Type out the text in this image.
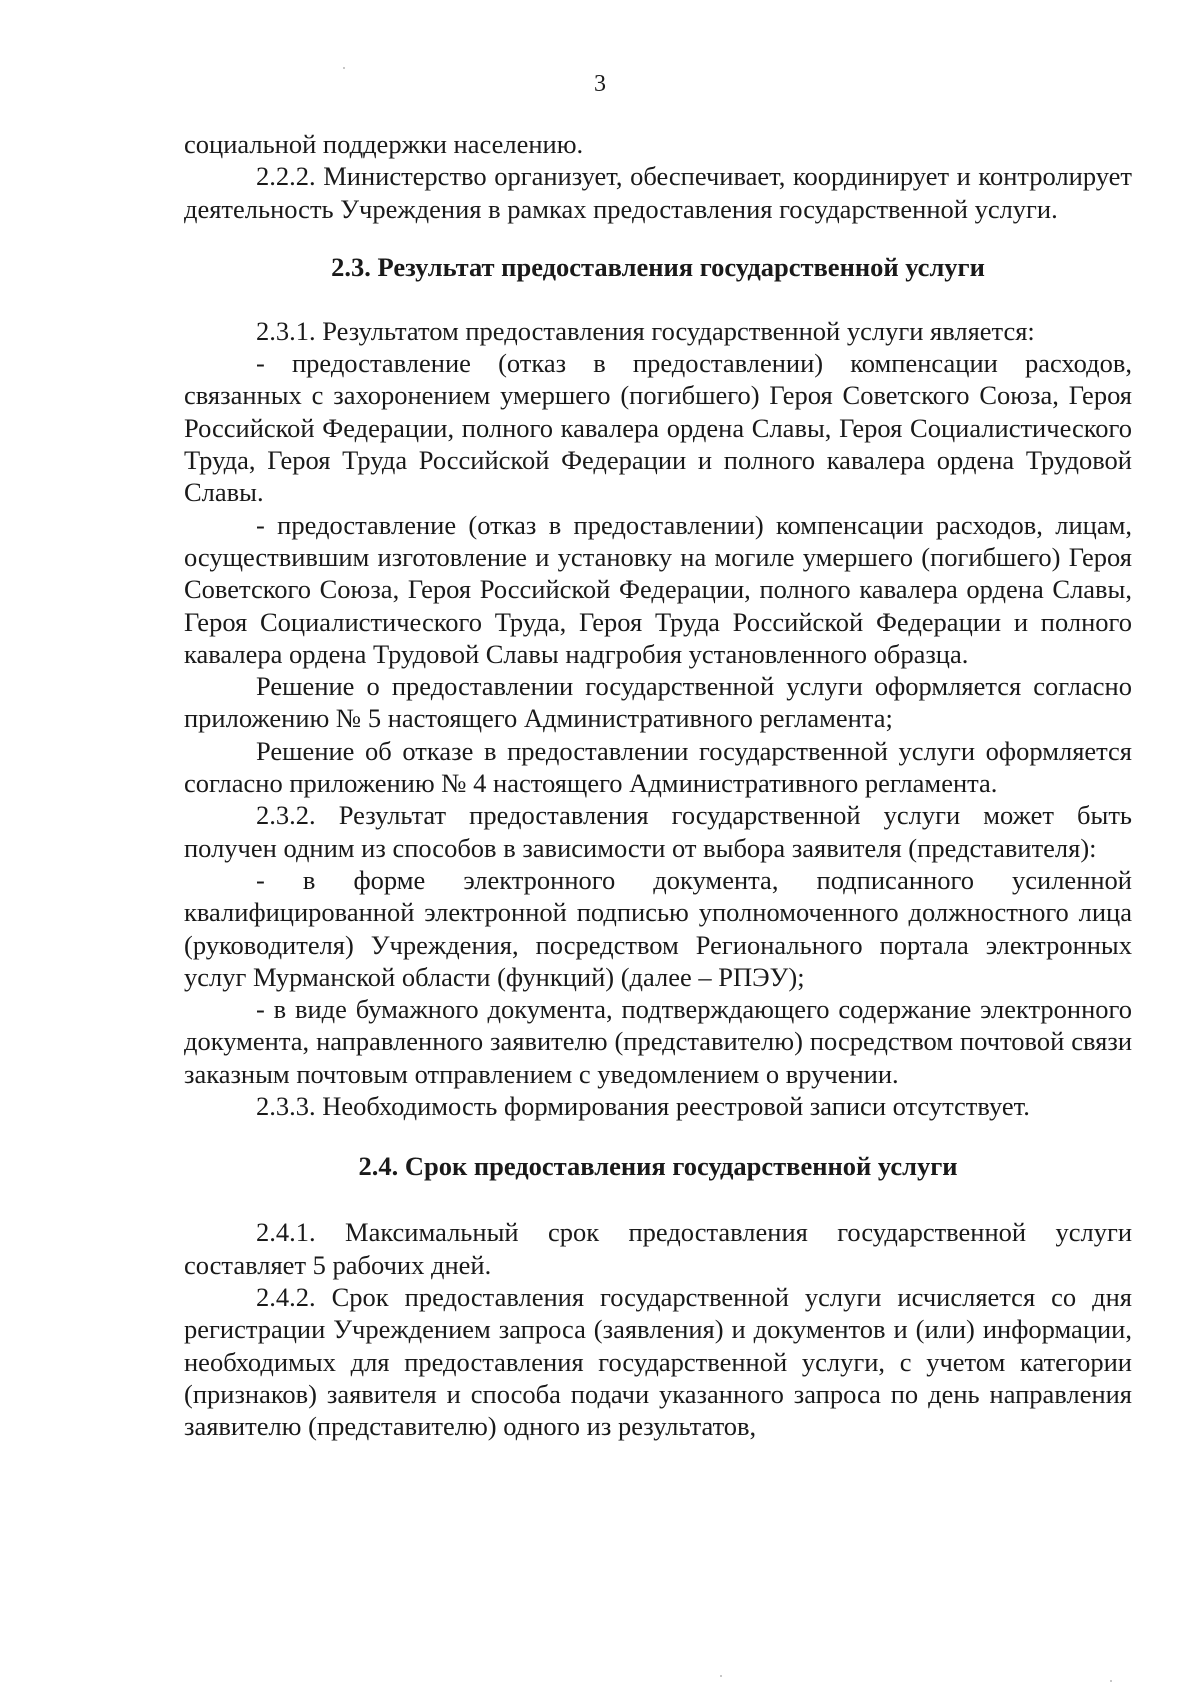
3

социальной поддержки населению.

2.2.2. Министерство организует, обеспечивает, координирует и контролирует деятельность Учреждения в рамках предоставления государственной услуги.

2.3. Результат предоставления государственной услуги

2.3.1. Результатом предоставления государственной услуги является:

- предоставление (отказ в предоставлении) компенсации расходов, связанных с захоронением умершего (погибшего) Героя Советского Союза, Героя Российской Федерации, полного кавалера ордена Славы, Героя Социалистического Труда, Героя Труда Российской Федерации и полного кавалера ордена Трудовой Славы.

- предоставление (отказ в предоставлении) компенсации расходов, лицам, осуществившим изготовление и установку на могиле умершего (погибшего) Героя Советского Союза, Героя Российской Федерации, полного кавалера ордена Славы, Героя Социалистического Труда, Героя Труда Российской Федерации и полного кавалера ордена Трудовой Славы надгробия установленного образца.

Решение о предоставлении государственной услуги оформляется согласно приложению № 5 настоящего Административного регламента;

Решение об отказе в предоставлении государственной услуги оформляется согласно приложению № 4 настоящего Административного регламента.

2.3.2. Результат предоставления государственной услуги может быть получен одним из способов в зависимости от выбора заявителя (представителя):

- в форме электронного документа, подписанного усиленной квалифицированной электронной подписью уполномоченного должностного лица (руководителя) Учреждения, посредством Регионального портала электронных услуг Мурманской области (функций) (далее – РПЭУ);

- в виде бумажного документа, подтверждающего содержание электронного документа, направленного заявителю (представителю) посредством почтовой связи заказным почтовым отправлением с уведомлением о вручении.

2.3.3. Необходимость формирования реестровой записи отсутствует.

2.4. Срок предоставления государственной услуги

2.4.1. Максимальный срок предоставления государственной услуги составляет 5 рабочих дней.

2.4.2. Срок предоставления государственной услуги исчисляется со дня регистрации Учреждением запроса (заявления) и документов и (или) информации, необходимых для предоставления государственной услуги, с учетом категории (признаков) заявителя и способа подачи указанного запроса по день направления заявителю (представителю) одного из результатов,
